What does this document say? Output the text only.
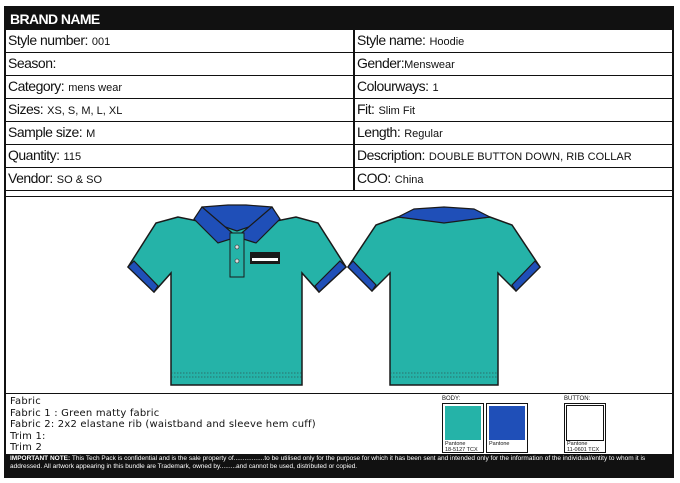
BRAND NAME
Style number: 001	Style name: Hoodie
Season:	Gender:Menswear
Category: mens wear	Colourways: 1
Sizes: XS, S, M, L, XL	Fit: Slim Fit
Sample size: M	Length: Regular
Quantity: 115	Description: DOUBLE BUTTON DOWN, RIB COLLAR
Vendor: SO & SO	COO: China
Fabric
Fabric 1 : Green matty fabric
Fabric 2: 2x2 elastane rib (waistband and sleeve hem cuff)
Trim 1:
Trim 2
BODY:
Pantone
18-5127 TCX
Pantone

BUTTON:
Pantone
11-0601 TCX
IMPORTANT NOTE: This Tech Pack is confidential and is the sale property of.................to be utilised only for the purpose for which it has been sent and intended only for the information of the individual/entity to whom it is addressed. All artwork appearing in this bundle are Trademark, owned by.........and cannot be used, distributed or copied.
